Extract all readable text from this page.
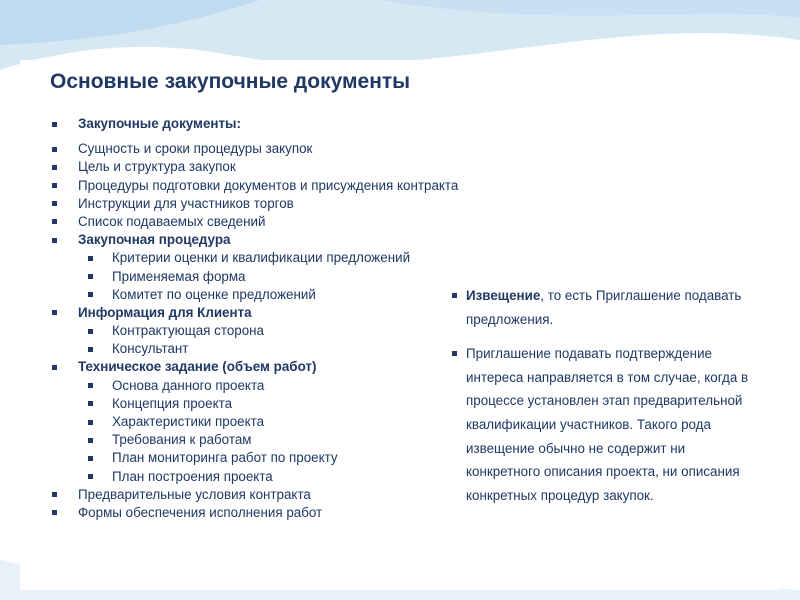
Основные закупочные документы
Закупочные документы:
Сущность и сроки процедуры закупок
Цель и структура закупок
Процедуры подготовки документов и присуждения контракта
Инструкции для участников торгов
Список подаваемых сведений
Закупочная процедура
Критерии оценки и квалификации предложений
Применяемая форма
Комитет по оценке предложений
Информация для Клиента
Контрактующая сторона
Консультант
Техническое задание (объем работ)
Основа данного проекта
Концепция проекта
Характеристики проекта
Требования к работам
План мониторинга работ по проекту
План построения проекта
Предварительные условия контракта
Формы обеспечения исполнения работ
Извещение, то есть Приглашение подавать предложения.
Приглашение подавать подтверждение интереса направляется в том случае, когда в процессе установлен этап предварительной квалификации участников. Такого рода извещение обычно не содержит ни конкретного описания проекта, ни описания конкретных процедур закупок.
